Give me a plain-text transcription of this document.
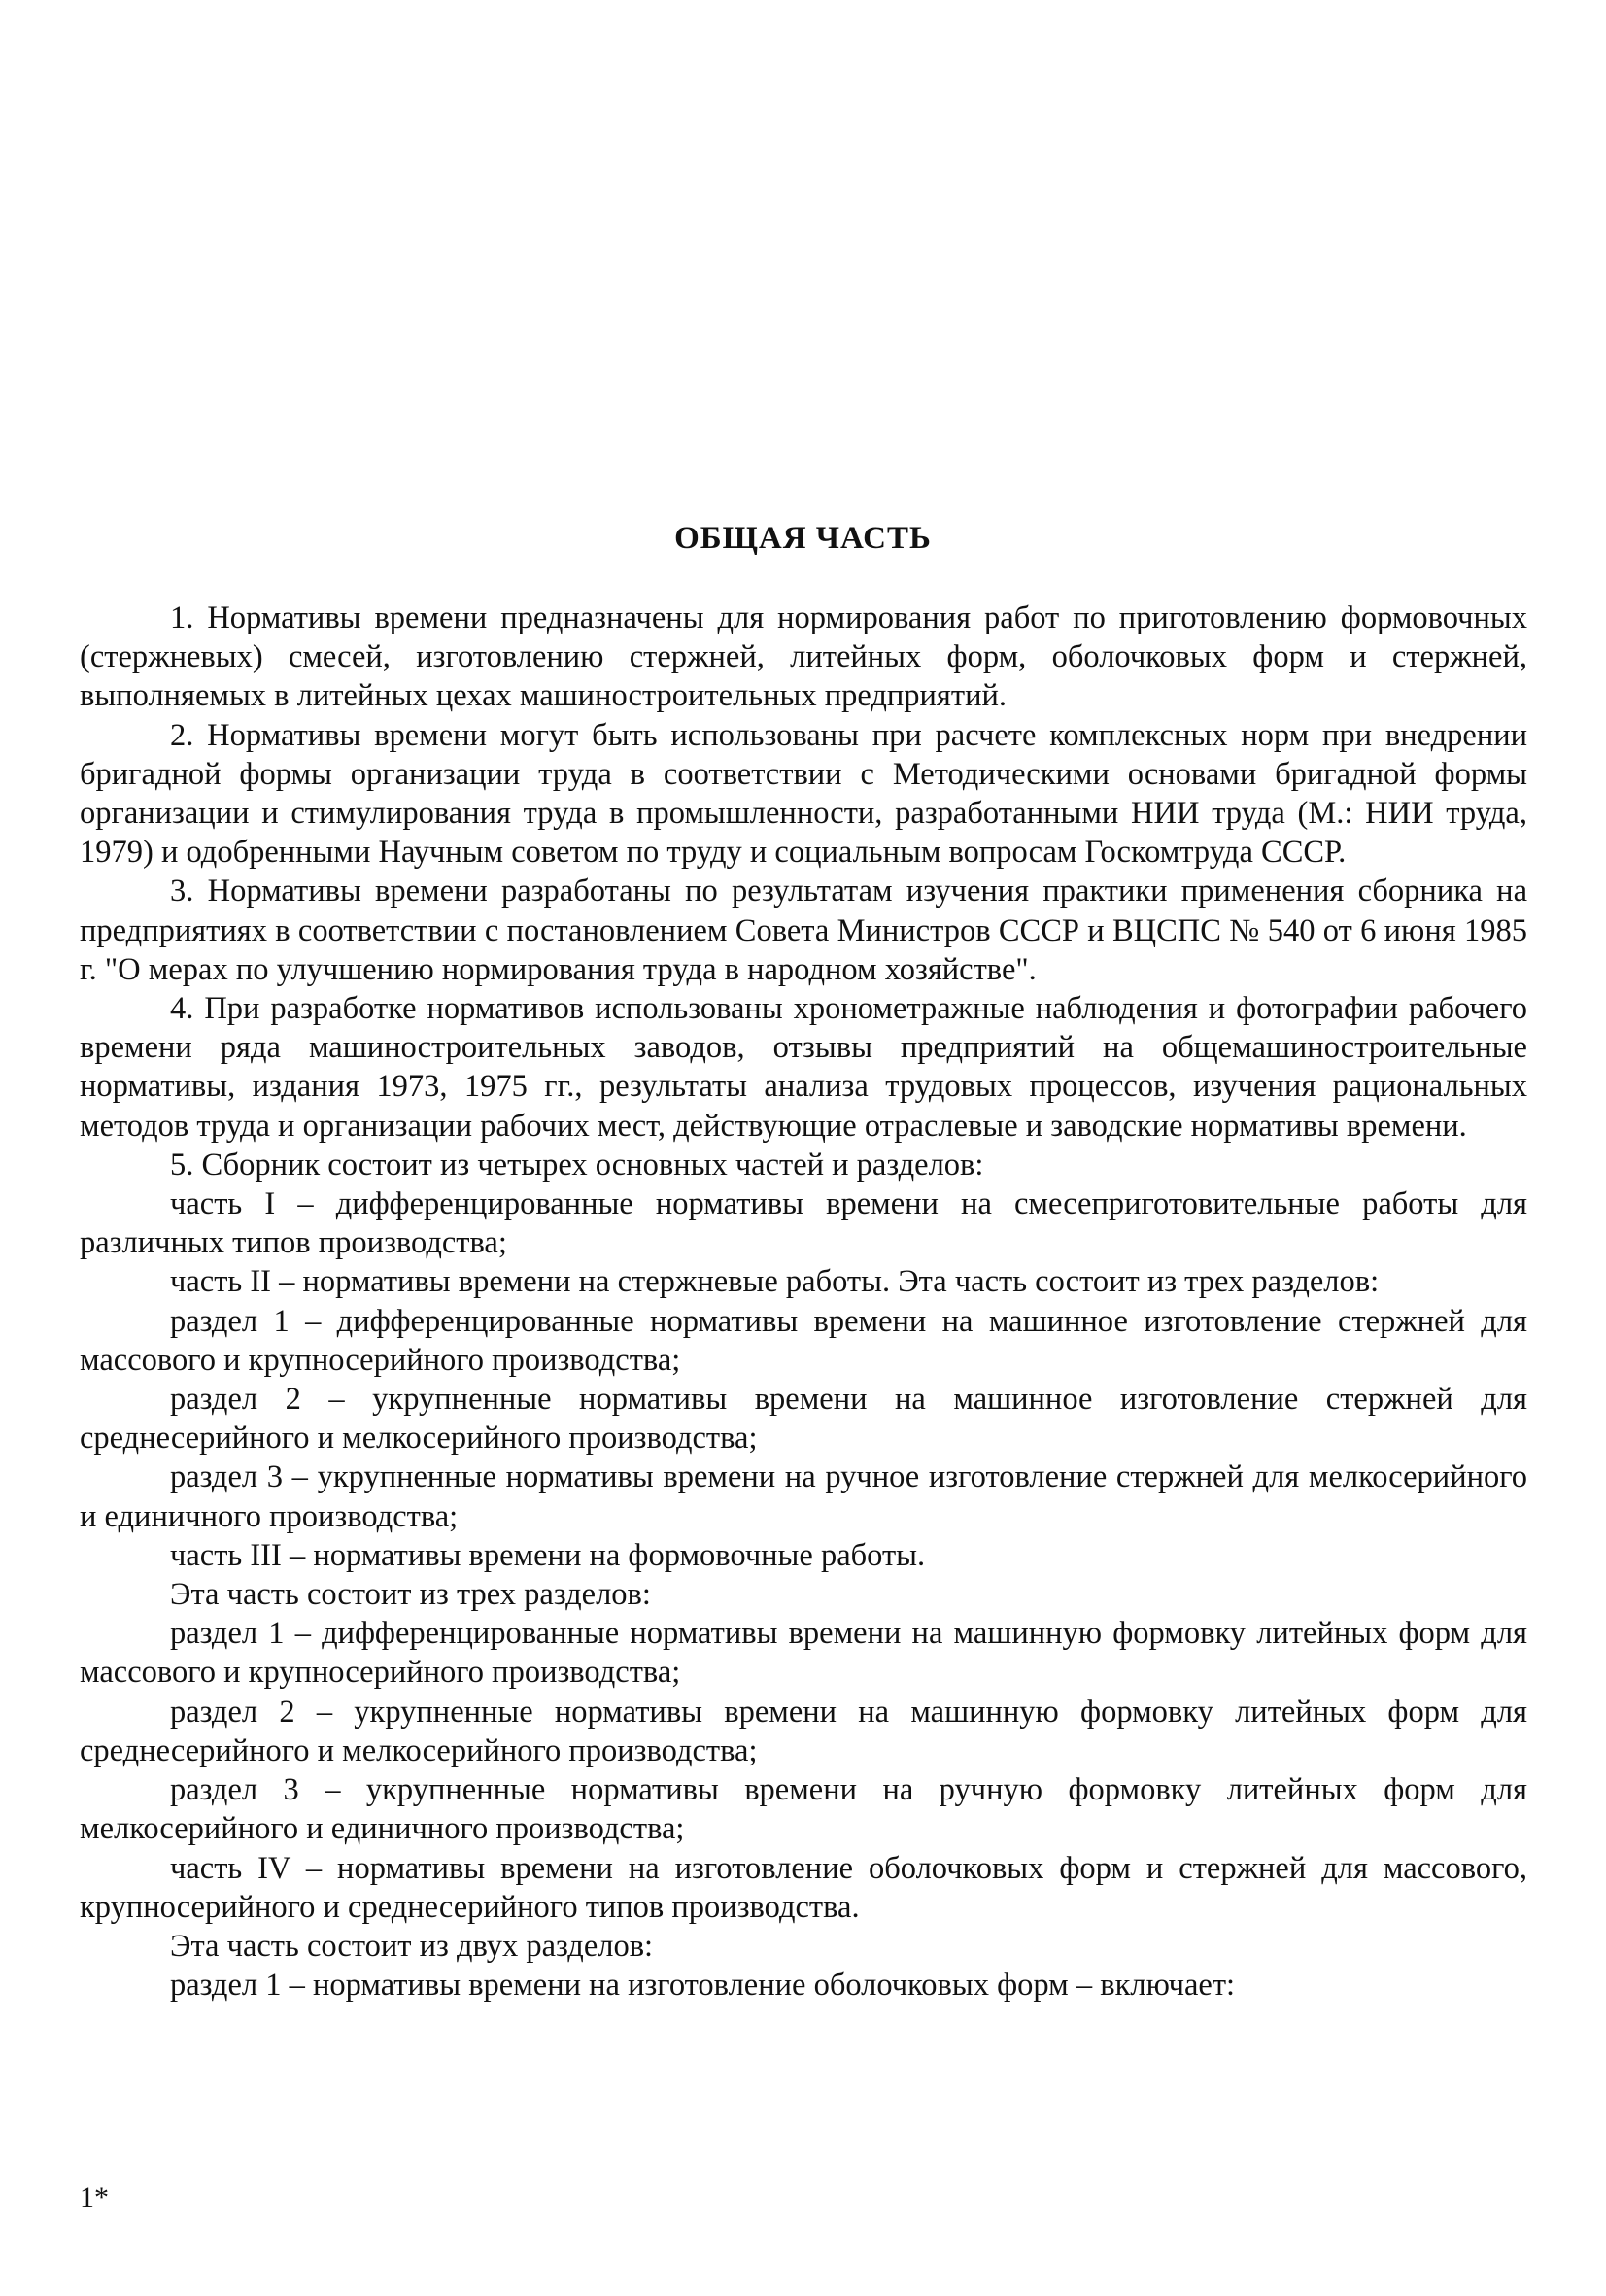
ОБЩАЯ ЧАСТЬ

1. Нормативы времени предназначены для нормирования работ по приготовлению формовочных (стержневых) смесей, изготовлению стержней, литейных форм, оболочковых форм и стержней, выполняемых в литейных цехах машиностроительных предприятий.

2. Нормативы времени могут быть использованы при расчете комплексных норм при внедрении бригадной формы организации труда в соответствии с Методическими основами бригадной формы организации и стимулирования труда в промышленности, разработанными НИИ труда (М.: НИИ труда, 1979) и одобренными Научным советом по труду и социальным вопросам Госкомтруда СССР.

3. Нормативы времени разработаны по результатам изучения практики применения сборника на предприятиях в соответствии с постановлением Совета Министров СССР и ВЦСПС № 540 от 6 июня 1985 г. "О мерах по улучшению нормирования труда в народном хозяйстве".

4. При разработке нормативов использованы хронометражные наблюдения и фотографии рабочего времени ряда машиностроительных заводов, отзывы предприятий на общемашиностроительные нормативы, издания 1973, 1975 гг., результаты анализа трудовых процессов, изучения рациональных методов труда и организации рабочих мест, действующие отраслевые и заводские нормативы времени.

5. Сборник состоит из четырех основных частей и разделов:

часть I – дифференцированные нормативы времени на смесеприготовительные работы для различных типов производства;

часть II – нормативы времени на стержневые работы. Эта часть состоит из трех разделов:

раздел 1 – дифференцированные нормативы времени на машинное изготовление стержней для массового и крупносерийного производства;

раздел 2 – укрупненные нормативы времени на машинное изготовление стержней для среднесерийного и мелкосерийного производства;

раздел 3 – укрупненные нормативы времени на ручное изготовление стержней для мелкосерийного и единичного производства;

часть III – нормативы времени на формовочные работы.

Эта часть состоит из трех разделов:

раздел 1 – дифференцированные нормативы времени на машинную формовку литейных форм для массового и крупносерийного производства;

раздел 2 – укрупненные нормативы времени на машинную формовку литейных форм для среднесерийного и мелкосерийного производства;

раздел 3 – укрупненные нормативы времени на ручную формовку литейных форм для мелкосерийного и единичного производства;

часть IV – нормативы времени на изготовление оболочковых форм и стержней для массового, крупносерийного и среднесерийного типов производства.

Эта часть состоит из двух разделов:

раздел 1 – нормативы времени на изготовление оболочковых форм – включает:

1*
